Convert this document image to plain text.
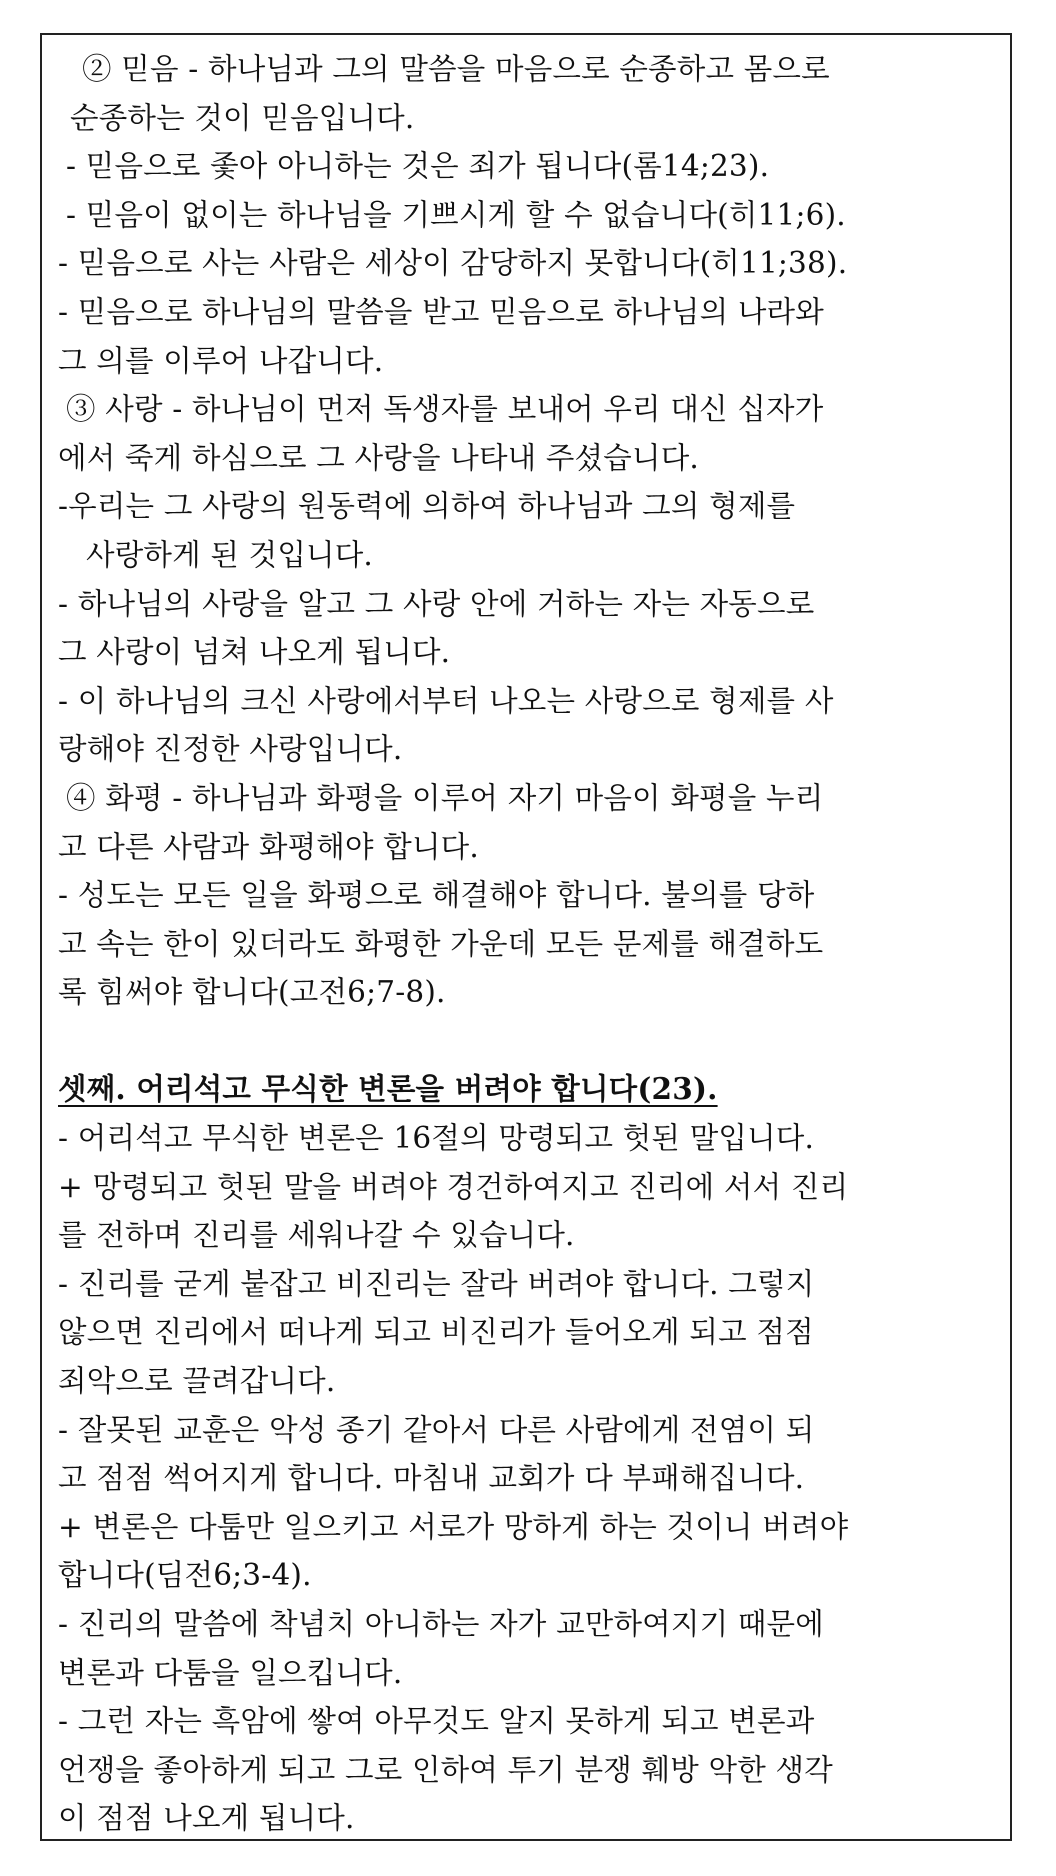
② 믿음 - 하나님과 그의 말씀을 마음으로 순종하고 몸으로
순종하는 것이 믿음입니다.
- 믿음으로 좇아 아니하는 것은 죄가 됩니다(롬14;23).
- 믿음이 없이는 하나님을 기쁘시게 할 수 없습니다(히11;6).
- 믿음으로 사는 사람은 세상이 감당하지 못합니다(히11;38).
- 믿음으로 하나님의 말씀을 받고 믿음으로 하나님의 나라와
그 의를 이루어 나갑니다.
③ 사랑 - 하나님이 먼저 독생자를 보내어 우리 대신 십자가
에서 죽게 하심으로 그 사랑을 나타내 주셨습니다.
-우리는 그 사랑의 원동력에 의하여 하나님과 그의 형제를
사랑하게 된 것입니다.
- 하나님의 사랑을 알고 그 사랑 안에 거하는 자는 자동으로
그 사랑이 넘쳐 나오게 됩니다.
- 이 하나님의 크신 사랑에서부터 나오는 사랑으로 형제를 사
랑해야 진정한 사랑입니다.
④ 화평 - 하나님과 화평을 이루어 자기 마음이 화평을 누리
고 다른 사람과 화평해야 합니다.
- 성도는 모든 일을 화평으로 해결해야 합니다. 불의를 당하
고 속는 한이 있더라도 화평한 가운데 모든 문제를 해결하도
록 힘써야 합니다(고전6;7-8).
셋째. 어리석고 무식한 변론을 버려야 합니다(23).
- 어리석고 무식한 변론은 16절의 망령되고 헛된 말입니다.
+ 망령되고 헛된 말을 버려야 경건하여지고 진리에 서서 진리
를 전하며 진리를 세워나갈 수 있습니다.
- 진리를 굳게 붙잡고 비진리는 잘라 버려야 합니다. 그렇지
않으면 진리에서 떠나게 되고 비진리가 들어오게 되고 점점
죄악으로 끌려갑니다.
- 잘못된 교훈은 악성 종기 같아서 다른 사람에게 전염이 되
고 점점 썩어지게 합니다. 마침내 교회가 다 부패해집니다.
+ 변론은 다툼만 일으키고 서로가 망하게 하는 것이니 버려야
합니다(딤전6;3-4).
- 진리의 말씀에 착념치 아니하는 자가 교만하여지기 때문에
변론과 다툼을 일으킵니다.
- 그런 자는 흑암에 쌓여 아무것도 알지 못하게 되고 변론과
언쟁을 좋아하게 되고 그로 인하여 투기 분쟁 훼방 악한 생각
이 점점 나오게 됩니다.
